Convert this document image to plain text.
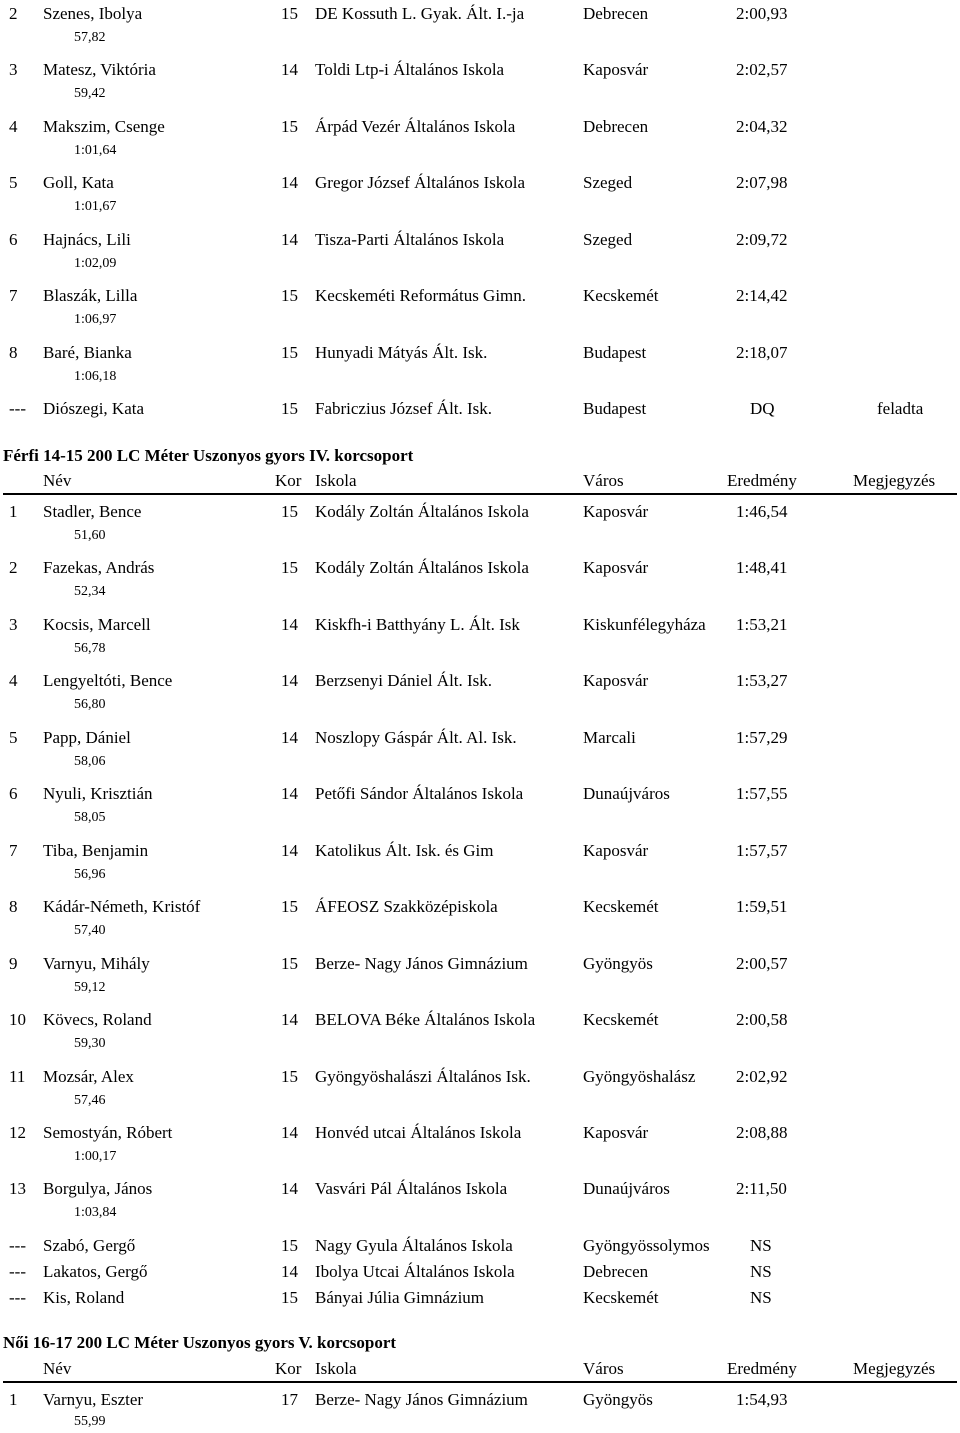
2 Szenes, Ibolya	15 DE Kossuth L. Gyak. Ált. I.-ja	Debrecen	2:00,93
57,82
3 Matesz, Viktória	14 Toldi Ltp-i Általános Iskola	Kaposvár	2:02,57
59,42
4 Makszim, Csenge	15 Árpád Vezér Általános Iskola	Debrecen	2:04,32
1:01,64
5 Goll, Kata	14 Gregor József Általános Iskola	Szeged	2:07,98
1:01,67
6 Hajnács, Lili	14 Tisza-Parti Általános Iskola	Szeged	2:09,72
1:02,09
7 Blaszák, Lilla	15 Kecskeméti Református Gimn.	Kecskemét	2:14,42
1:06,97
8 Baré, Bianka	15 Hunyadi Mátyás Ált. Isk.	Budapest	2:18,07
1:06,18
--- Diószegi, Kata	15 Fabriczius József Ált. Isk.	Budapest	DQ	feladta
Férfi 14-15 200 LC Méter Uszonyos gyors IV. korcsoport
Név	Kor Iskola	Város	Eredmény	Megjegyzés
1 Stadler, Bence	15 Kodály Zoltán Általános Iskola	Kaposvár	1:46,54
51,60
2 Fazekas, András	15 Kodály Zoltán Általános Iskola	Kaposvár	1:48,41
52,34
3 Kocsis, Marcell	14 Kiskfh-i Batthyány L. Ált. Isk	Kiskunfélegyháza 1:53,21
56,78
4 Lengyeltóti, Bence	14 Berzsenyi Dániel Ált. Isk.	Kaposvár	1:53,27
56,80
5 Papp, Dániel	14 Noszlopy Gáspár Ált. Al. Isk.	Marcali	1:57,29
58,06
6 Nyuli, Krisztián	14 Petőfi Sándor Általános Iskola	Dunaújváros	1:57,55
58,05
7 Tiba, Benjamin	14 Katolikus Ált. Isk. és Gim	Kaposvár	1:57,57
56,96
8 Kádár-Németh, Kristóf	15 ÁFEOSZ Szakközépiskola	Kecskemét	1:59,51
57,40
9 Varnyu, Mihály	15 Berze- Nagy János Gimnázium	Gyöngyös	2:00,57
59,12
10 Kövecs, Roland	14 BELOVA Béke Általános Iskola	Kecskemét	2:00,58
59,30
11 Mozsár, Alex	15 Gyöngyöshalászi Általános Isk.	Gyöngyöshalász 2:02,92
57,46
12 Semostyán, Róbert	14 Honvéd utcai Általános Iskola	Kaposvár	2:08,88
1:00,17
13 Borgulya, János	14 Vasvári Pál Általános Iskola	Dunaújváros	2:11,50
1:03,84
--- Szabó, Gergő	15 Nagy Gyula Általános Iskola	Gyöngyössolymos NS
--- Lakatos, Gergő	14 Ibolya Utcai Általános Iskola	Debrecen	NS
--- Kis, Roland	15 Bányai Júlia Gimnázium	Kecskemét	NS
Női 16-17 200 LC Méter Uszonyos gyors V. korcsoport
Név	Kor Iskola	Város	Eredmény	Megjegyzés
1 Varnyu, Eszter	17 Berze- Nagy János Gimnázium	Gyöngyös	1:54,93
55,99
